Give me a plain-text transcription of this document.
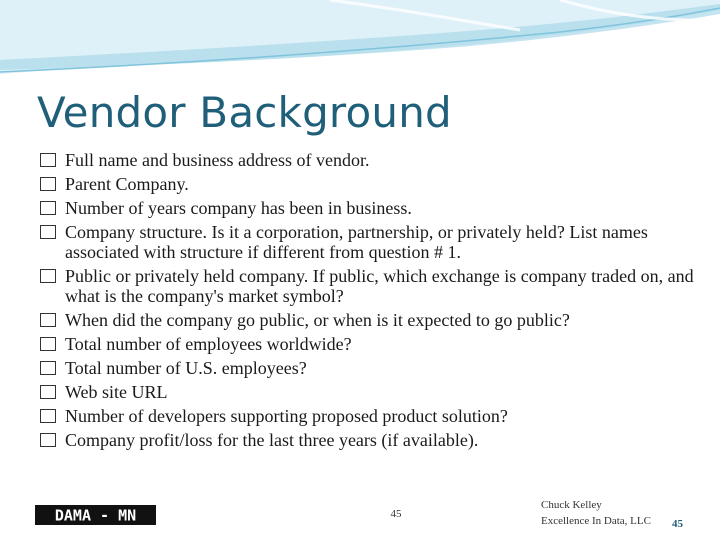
Vendor Background
Full name and business address of vendor.
Parent Company.
Number of years company has been in business.
Company structure. Is it a corporation, partnership, or privately held? List names associated with structure if different from question # 1.
Public or privately held company. If public, which exchange is company traded on, and what is the company's market symbol?
When did the company go public, or when is it expected to go public?
Total number of employees worldwide?
Total number of U.S. employees?
Web site URL
Number of developers supporting proposed product solution?
Company profit/loss for the last three years (if available).
DAMA - MN	45
Chuck Kelley
Excellence In Data, LLC 45
